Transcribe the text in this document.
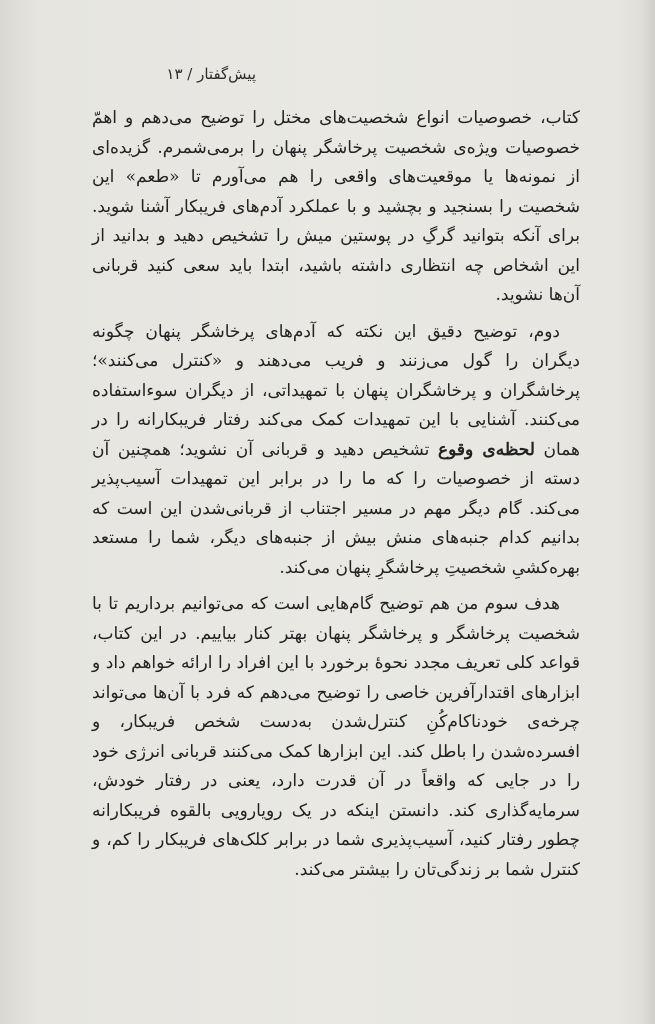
پیش‌گفتار / ۱۳

کتاب، خصوصیات انواع شخصیت‌های مختل را توضیح می‌دهم و اهمّ خصوصیات ویژه‌ی شخصیت پرخاشگر پنهان را برمی‌شمرم. گزیده‌ای از نمونه‌ها یا موقعیت‌های واقعی را هم می‌آورم تا «طعم» این شخصیت را بسنجید و بچشید و با عملکرد آدم‌های فریبکار آشنا شوید. برای آنکه بتوانید گرگِ در پوستین میش را تشخیص دهید و بدانید از این اشخاص چه انتظاری داشته باشید، ابتدا باید سعی کنید قربانی آن‌ها نشوید.

دوم، توضیح دقیق این نکته که آدم‌های پرخاشگر پنهان چگونه دیگران را گول می‌زنند و فریب می‌دهند و «کنترل می‌کنند»؛ پرخاشگران و پرخاشگران پنهان با تمهیداتی، از دیگران سوءاستفاده می‌کنند. آشنایی با این تمهیدات کمک می‌کند رفتار فریبکارانه را در همان لحظه‌ی وقوع تشخیص دهید و قربانی آن نشوید؛ همچنین آن دسته از خصوصیات را که ما را در برابر این تمهیدات آسیب‌پذیر می‌کند. گام دیگر مهم در مسیر اجتناب از قربانی‌شدن این است که بدانیم کدام جنبه‌های منش بیش از جنبه‌های دیگر، شما را مستعد بهره‌کشیِ شخصیتِ پرخاشگرِ پنهان می‌کند.

هدف سوم من هم توضیح گام‌هایی است که می‌توانیم برداریم تا با شخصیت پرخاشگر و پرخاشگر پنهان بهتر کنار بیاییم. در این کتاب، قواعد کلی تعریف مجدد نحوهٔ برخورد با این افراد را ارائه خواهم داد و ابزارهای اقتدارآفرین خاصی را توضیح می‌دهم که فرد با آن‌ها می‌تواند چرخه‌ی خودناکام‌کُنِ کنترل‌شدن به‌دست شخص فریبکار، و افسرده‌شدن را باطل کند. این ابزارها کمک می‌کنند قربانی انرژی خود را در جایی که واقعاً در آن قدرت دارد، یعنی در رفتار خودش، سرمایه‌گذاری کند. دانستن اینکه در یک رویارویی بالقوه فریبکارانه چطور رفتار کنید، آسیب‌پذیری شما در برابر کلک‌های فریبکار را کم، و کنترل شما بر زندگی‌تان را بیشتر می‌کند.
